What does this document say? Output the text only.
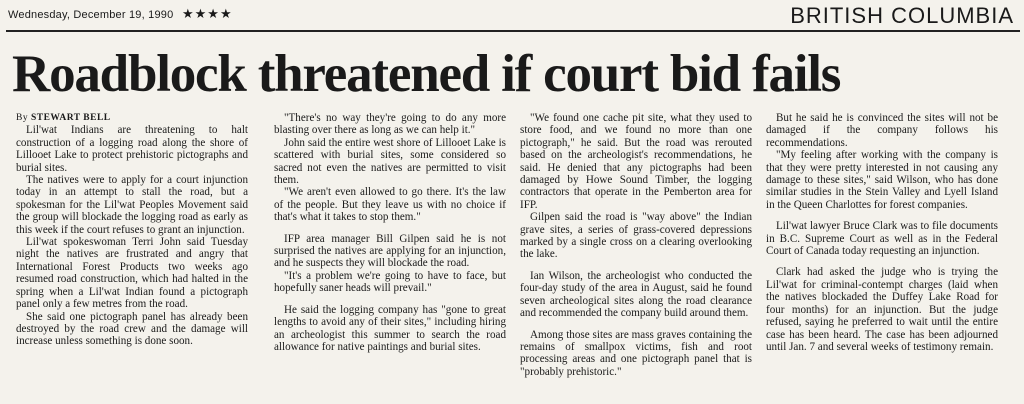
Wednesday, December 19, 1990 ★★★★	BRITISH COLUMBIA
Roadblock threatened if court bid fails

By STEWART BELL

Lil'wat Indians are threatening to halt construction of a logging road along the shore of Lillooet Lake to protect prehistoric pictographs and burial sites.

The natives were to apply for a court injunction today in an attempt to stall the road, but a spokesman for the Lil'wat Peoples Movement said the group will blockade the logging road as early as this week if the court refuses to grant an injunction.

Lil'wat spokeswoman Terri John said Tuesday night the natives are frustrated and angry that International Forest Products two weeks ago resumed road construction, which had halted in the spring when a Lil'wat Indian found a pictograph panel only a few metres from the road.

She said one pictograph panel has already been destroyed by the road crew and the damage will increase unless something is done soon.

"There's no way they're going to do any more blasting over there as long as we can help it."

John said the entire west shore of Lillooet Lake is scattered with burial sites, some considered so sacred not even the natives are permitted to visit them.

"We aren't even allowed to go there. It's the law of the people. But they leave us with no choice if that's what it takes to stop them."

IFP area manager Bill Gilpen said he is not surprised the natives are applying for an injunction, and he suspects they will blockade the road.

"It's a problem we're going to have to face, but hopefully saner heads will prevail."

He said the logging company has "gone to great lengths to avoid any of their sites," including hiring an archeologist this summer to search the road allowance for native paintings and burial sites.

"We found one cache pit site, what they used to store food, and we found no more than one pictograph," he said. But the road was rerouted based on the archeologist's recommendations, he said. He denied that any pictographs had been damaged by Howe Sound Timber, the logging contractors that operate in the Pemberton area for IFP.

Gilpen said the road is "way above" the Indian grave sites, a series of grass-covered depressions marked by a single cross on a clearing overlooking the lake.

Ian Wilson, the archeologist who conducted the four-day study of the area in August, said he found seven archeological sites along the road clearance and recommended the company build around them.

Among those sites are mass graves containing the remains of smallpox victims, fish and root processing areas and one pictograph panel that is "probably prehistoric."

But he said he is convinced the sites will not be damaged if the company follows his recommendations.

"My feeling after working with the company is that they were pretty interested in not causing any damage to these sites," said Wilson, who has done similar studies in the Stein Valley and Lyell Island in the Queen Charlottes for forest companies.

Lil'wat lawyer Bruce Clark was to file documents in B.C. Supreme Court as well as in the Federal Court of Canada today requesting an injunction.

Clark had asked the judge who is trying the Lil'wat for criminal-contempt charges (laid when the natives blockaded the Duffey Lake Road for four months) for an injunction. But the judge refused, saying he preferred to wait until the entire case has been heard. The case has been adjourned until Jan. 7 and several weeks of testimony remain.
